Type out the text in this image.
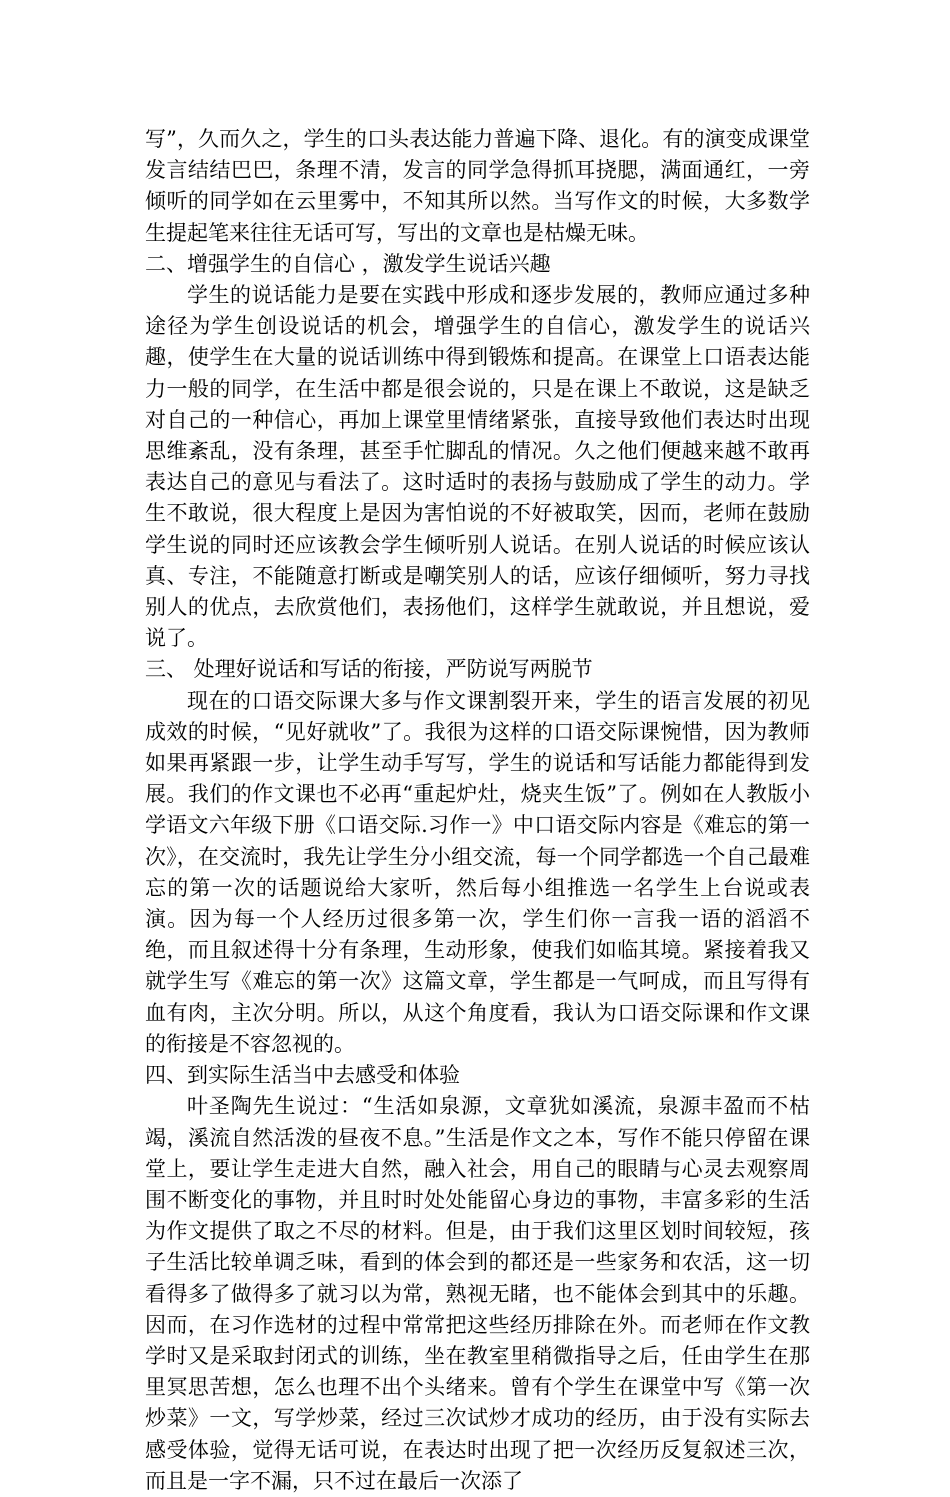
写”，久而久之，学生的口头表达能力普遍下降、退化。有的演变成课堂发言结结巴巴，条理不清，发言的同学急得抓耳挠腮，满面通红，一旁倾听的同学如在云里雾中，不知其所以然。当写作文的时候，大多数学生提起笔来往往无话可写，写出的文章也是枯燥无味。

二、增强学生的自信心 ，激发学生说话兴趣

学生的说话能力是要在实践中形成和逐步发展的，教师应通过多种途径为学生创设说话的机会，增强学生的自信心，激发学生的说话兴趣，使学生在大量的说话训练中得到锻炼和提高。在课堂上口语表达能力一般的同学，在生活中都是很会说的，只是在课上不敢说，这是缺乏对自己的一种信心，再加上课堂里情绪紧张，直接导致他们表达时出现思维紊乱，没有条理，甚至手忙脚乱的情况。久之他们便越来越不敢再表达自己的意见与看法了。这时适时的表扬与鼓励成了学生的动力。学生不敢说，很大程度上是因为害怕说的不好被取笑，因而，老师在鼓励学生说的同时还应该教会学生倾听别人说话。在别人说话的时候应该认真、专注，不能随意打断或是嘲笑别人的话，应该仔细倾听，努力寻找别人的优点，去欣赏他们，表扬他们，这样学生就敢说，并且想说，爱说了。

三、 处理好说话和写话的衔接，严防说写两脱节

现在的口语交际课大多与作文课割裂开来，学生的语言发展的初见成效的时候，“见好就收”了。我很为这样的口语交际课惋惜，因为教师如果再紧跟一步，让学生动手写写，学生的说话和写话能力都能得到发展。我们的作文课也不必再“重起炉灶，烧夹生饭”了。例如在人教版小学语文六年级下册《口语交际.习作一》中口语交际内容是《难忘的第一次》，在交流时，我先让学生分小组交流，每一个同学都选一个自己最难忘的第一次的话题说给大家听，然后每小组推选一名学生上台说或表演。因为每一个人经历过很多第一次，学生们你一言我一语的滔滔不绝，而且叙述得十分有条理，生动形象，使我们如临其境。紧接着我又就学生写《难忘的第一次》这篇文章，学生都是一气呵成，而且写得有血有肉，主次分明。所以，从这个角度看，我认为口语交际课和作文课的衔接是不容忽视的。

四、到实际生活当中去感受和体验

叶圣陶先生说过：“生活如泉源，文章犹如溪流，泉源丰盈而不枯竭，溪流自然活泼的昼夜不息。”生活是作文之本，写作不能只停留在课堂上，要让学生走进大自然，融入社会，用自己的眼睛与心灵去观察周围不断变化的事物，并且时时处处能留心身边的事物，丰富多彩的生活为作文提供了取之不尽的材料。但是，由于我们这里区划时间较短，孩子生活比较单调乏味，看到的体会到的都还是一些家务和农活，这一切看得多了做得多了就习以为常，熟视无睹，也不能体会到其中的乐趣。因而，在习作选材的过程中常常把这些经历排除在外。而老师在作文教学时又是采取封闭式的训练，坐在教室里稍微指导之后，任由学生在那里冥思苦想，怎么也理不出个头绪来。曾有个学生在课堂中写《第一次炒菜》一文，写学炒菜，经过三次试炒才成功的经历，由于没有实际去感受体验，觉得无话可说，在表达时出现了把一次经历反复叙述三次，而且是一字不漏，只不过在最后一次添了
